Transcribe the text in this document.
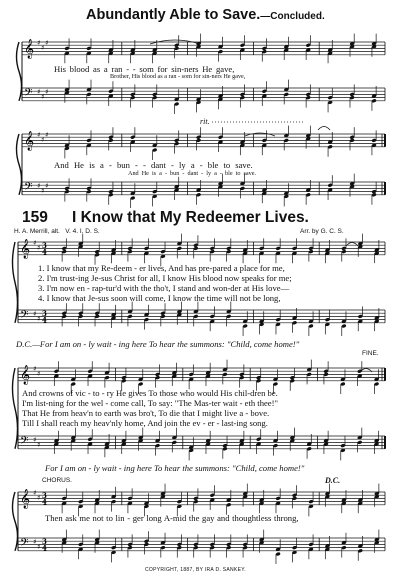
𝄞
𝄢
♯
♯
♯
♯
♯
♯
𝄞
𝄢
♯
♯
♯
♯
♯
♯
𝄞
𝄢
♯
♯
♯
♯
3
4
3
4
𝄞
𝄢
♯
♯
♯
♯
𝄞
𝄢
♯
♯
♯
♯
3
4
3
4
Abundantly Able to Save.—Concluded.
His blood as a ran - - som for sin-ners He gave,
Brother, His blood as a ran - som for sin-ners He gave,
rit.
And He is a - bun - - dant - ly a - ble to save.
And He is a - bun - dant - ly a - ble to save.
159 I Know that My Redeemer Lives.
H. A. Merrill, alt. V. 4. I. D. S.	Arr. by G. C. S.
1. I know that my Re-deem - er lives, And has pre-pared a place for me,
2. I'm trust-ing Je-sus Christ for all, I know His blood now speaks for me;
3. I'm now en - rap-tur'd with the tho't, I stand and won-der at His love—
4. I know that Je-sus soon will come, I know the time will not be long,
D.C.—For I am on - ly wait - ing here To hear the summons: "Child, come home!"
FINE.
And crowns of vic - to - ry He gives To those who would His chil-dren be.
I'm list-ning for the wel - come call, To say: "The Mas-ter wait - eth thee!"
That He from heav'n to earth was bro't, To die that I might live a - bove.
Till I shall reach my heav'nly home, And join the ev - er - last-ing song.
For I am on - ly wait - ing here To hear the summons: "Child, come home!"
CHORUS.	D.C.
Then ask me not to lin - ger long A-mid the gay and thoughtless throng,
COPYRIGHT, 1887, BY IRA D. SANKEY.
